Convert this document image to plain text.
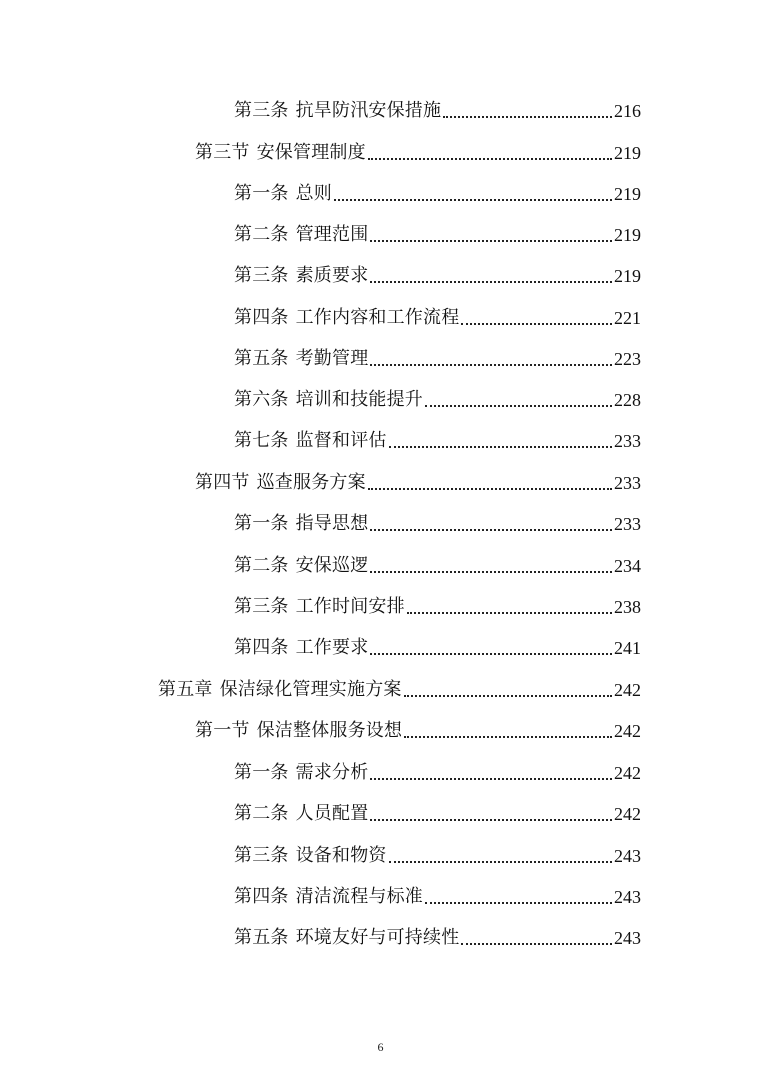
第三条 抗旱防汛安保措施	216
第三节 安保管理制度	219
第一条 总则	219
第二条 管理范围	219
第三条 素质要求	219
第四条 工作内容和工作流程	221
第五条 考勤管理	223
第六条 培训和技能提升	228
第七条 监督和评估	233
第四节 巡查服务方案	233
第一条 指导思想	233
第二条 安保巡逻	234
第三条 工作时间安排	238
第四条 工作要求	241
第五章 保洁绿化管理实施方案	242
第一节 保洁整体服务设想	242
第一条 需求分析	242
第二条 人员配置	242
第三条 设备和物资	243
第四条 清洁流程与标准	243
第五条 环境友好与可持续性	243
6
